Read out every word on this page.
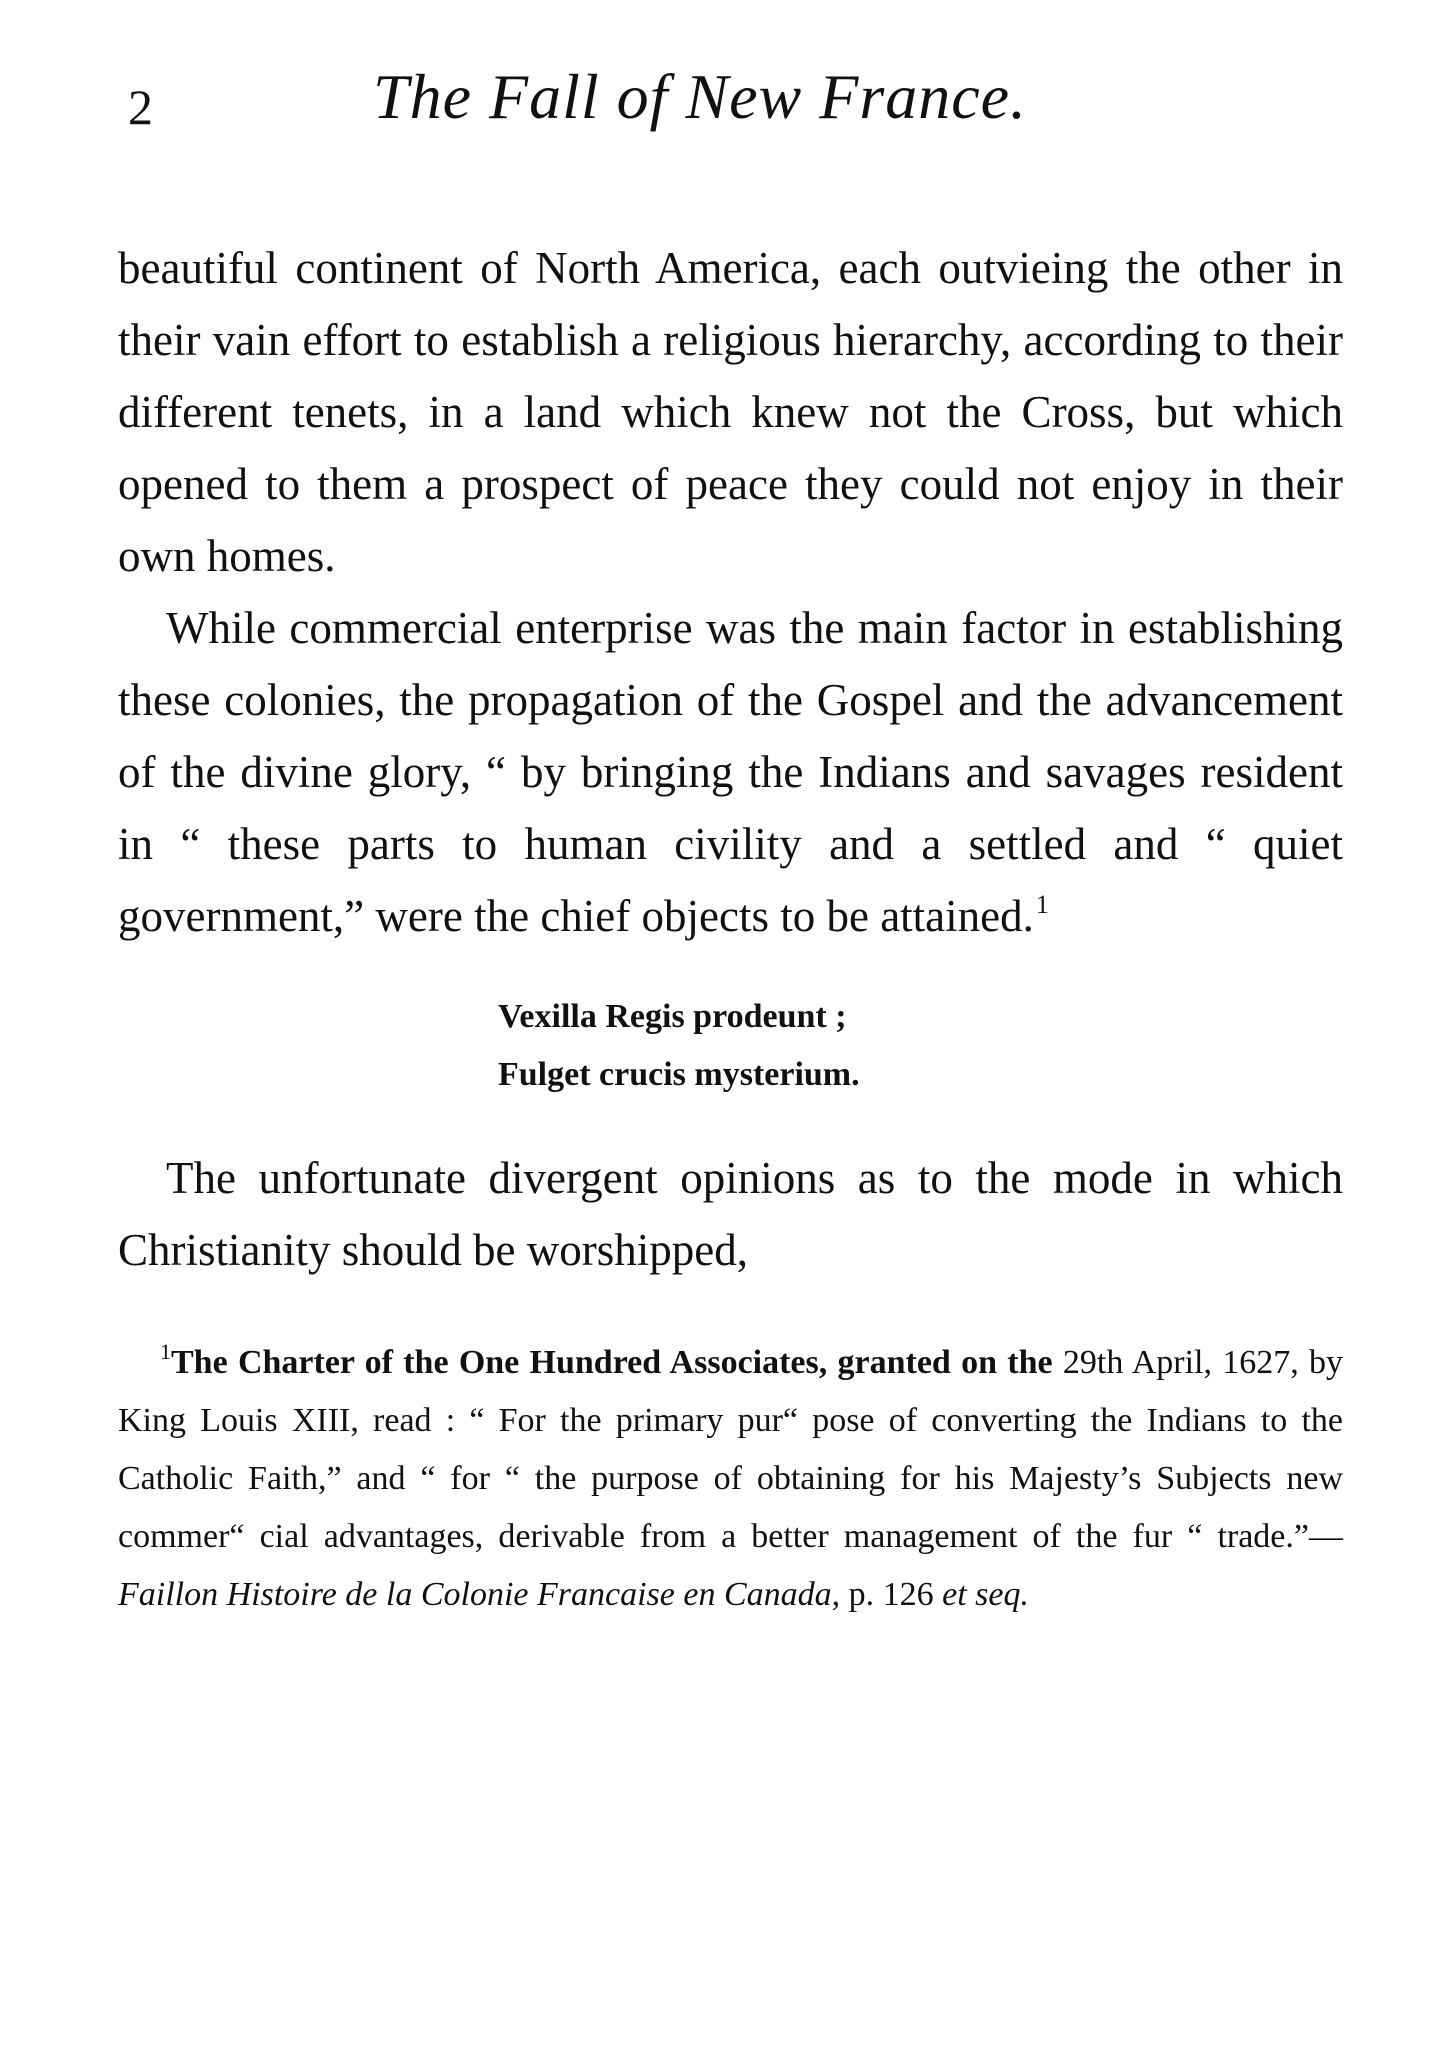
2	The Fall of New France.

beautiful continent of North America, each outvieing the other in their vain effort to establish a religious hierarchy, according to their different tenets, in a land which knew not the Cross, but which opened to them a prospect of peace they could not enjoy in their own homes.

While commercial enterprise was the main factor in establishing these colonies, the propagation of the Gospel and the advancement of the divine glory, “ by bringing the Indians and savages resident in “ these parts to human civility and a settled and “ quiet government,” were the chief objects to be attained.$^1$

Vexilla Regis prodeunt ;
Fulget crucis mysterium.

The unfortunate divergent opinions as to the mode in which Christianity should be worshipped,

$^1$The Charter of the One Hundred Associates, granted on the 29th April, 1627, by King Louis XIII, read : “ For the primary pur“ pose of converting the Indians to the Catholic Faith,” and “ for “ the purpose of obtaining for his Majesty’s Subjects new commer“ cial advantages, derivable from a better management of the fur “ trade.”—Faillon Histoire de la Colonie Francaise en Canada, p. 126 et seq.
